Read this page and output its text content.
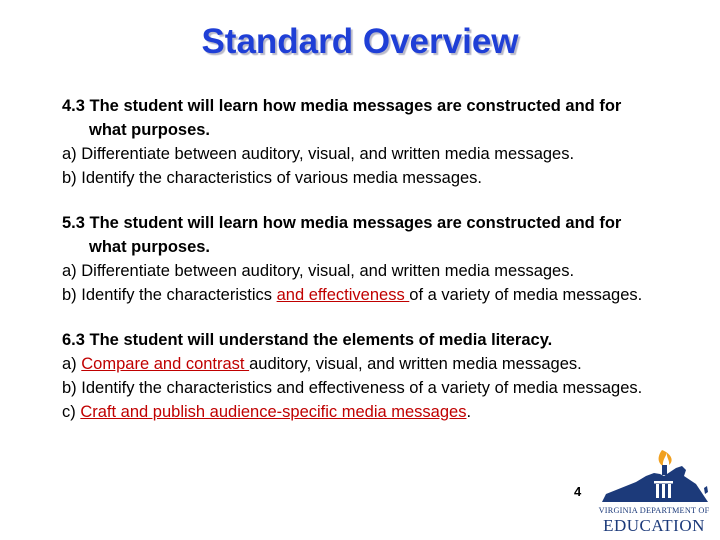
Standard Overview
4.3 The student will learn how media messages are constructed and for what purposes.
a) Differentiate between auditory, visual, and written media messages.
b) Identify the characteristics of various media messages.
5.3 The student will learn how media messages are constructed and for what purposes.
a) Differentiate between auditory, visual, and written media messages.
b) Identify the characteristics and effectiveness of a variety of media messages.
6.3 The student will understand the elements of media literacy.
a) Compare and contrast auditory, visual, and written media messages.
b) Identify the characteristics and effectiveness of a variety of media messages.
c) Craft and publish audience-specific media messages.
4
VIRGINIA DEPARTMENT OF
EDUCATION
